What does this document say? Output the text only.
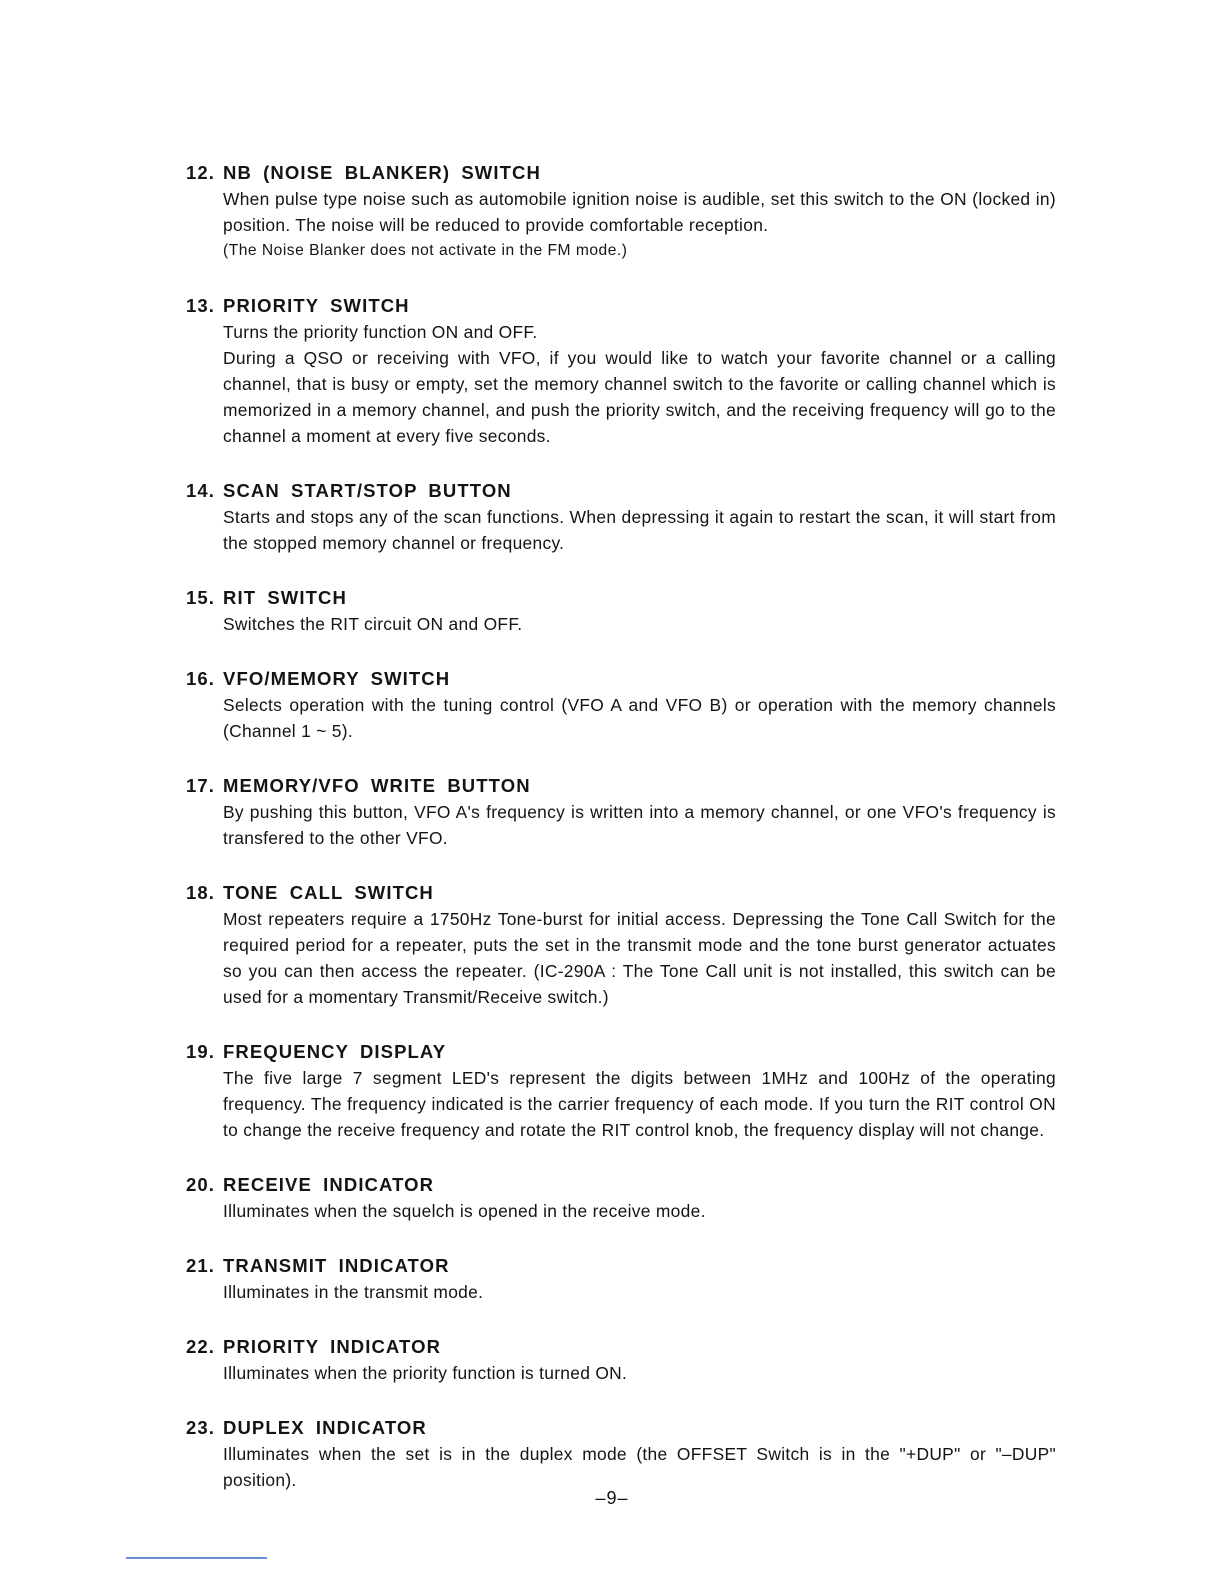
12. NB (NOISE BLANKER) SWITCH

When pulse type noise such as automobile ignition noise is audible, set this switch to the ON (locked in) position. The noise will be reduced to provide comfortable reception.

(The Noise Blanker does not activate in the FM mode.)

13. PRIORITY SWITCH

Turns the priority function ON and OFF.

During a QSO or receiving with VFO, if you would like to watch your favorite channel or a calling channel, that is busy or empty, set the memory channel switch to the favorite or calling channel which is memorized in a memory channel, and push the priority switch, and the receiving frequency will go to the channel a moment at every five seconds.

14. SCAN START/STOP BUTTON

Starts and stops any of the scan functions. When depressing it again to restart the scan, it will start from the stopped memory channel or frequency.

15. RIT SWITCH

Switches the RIT circuit ON and OFF.

16. VFO/MEMORY SWITCH

Selects operation with the tuning control (VFO A and VFO B) or operation with the memory channels (Channel 1 ~ 5).

17. MEMORY/VFO WRITE BUTTON

By pushing this button, VFO A's frequency is written into a memory channel, or one VFO's frequency is transfered to the other VFO.

18. TONE CALL SWITCH

Most repeaters require a 1750Hz Tone-burst for initial access. Depressing the Tone Call Switch for the required period for a repeater, puts the set in the transmit mode and the tone burst generator actuates so you can then access the repeater. (IC-290A : The Tone Call unit is not installed, this switch can be used for a momentary Transmit/Receive switch.)

19. FREQUENCY DISPLAY

The five large 7 segment LED's represent the digits between 1MHz and 100Hz of the operating frequency. The frequency indicated is the carrier frequency of each mode. If you turn the RIT control ON to change the receive frequency and rotate the RIT control knob, the frequency display will not change.

20. RECEIVE INDICATOR

Illuminates when the squelch is opened in the receive mode.

21. TRANSMIT INDICATOR

Illuminates in the transmit mode.

22. PRIORITY INDICATOR

Illuminates when the priority function is turned ON.

23. DUPLEX INDICATOR

Illuminates when the set is in the duplex mode (the OFFSET Switch is in the "+DUP" or "–DUP" position).

–9–
